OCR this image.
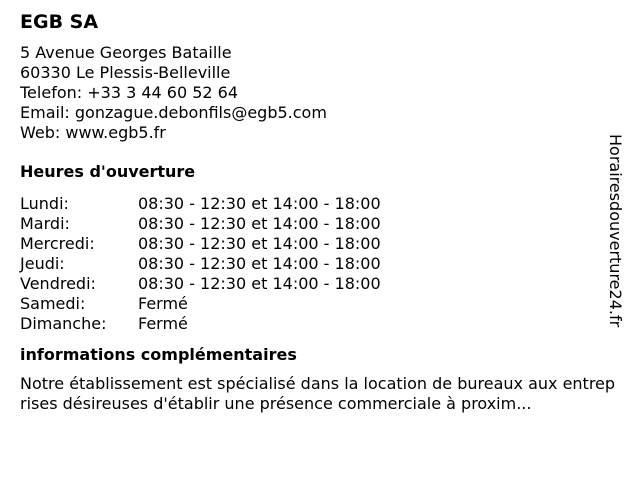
EGB SA
5 Avenue Georges Bataille
60330 Le Plessis-Belleville
Telefon: +33 3 44 60 52 64
Email: gonzague.debonfils@egb5.com
Web: www.egb5.fr
Heures d'ouverture
Lundi:	08:30 - 12:30 et 14:00 - 18:00
Mardi:	08:30 - 12:30 et 14:00 - 18:00
Mercredi:	08:30 - 12:30 et 14:00 - 18:00
Jeudi:	08:30 - 12:30 et 14:00 - 18:00
Vendredi:	08:30 - 12:30 et 14:00 - 18:00
Samedi:	Fermé
Dimanche:	Fermé
informations complémentaires
Notre établissement est spécialisé dans la location de bureaux aux entreprises désireuses d'établir une présence commerciale à proxim...
Horairesdouverture24.fr
